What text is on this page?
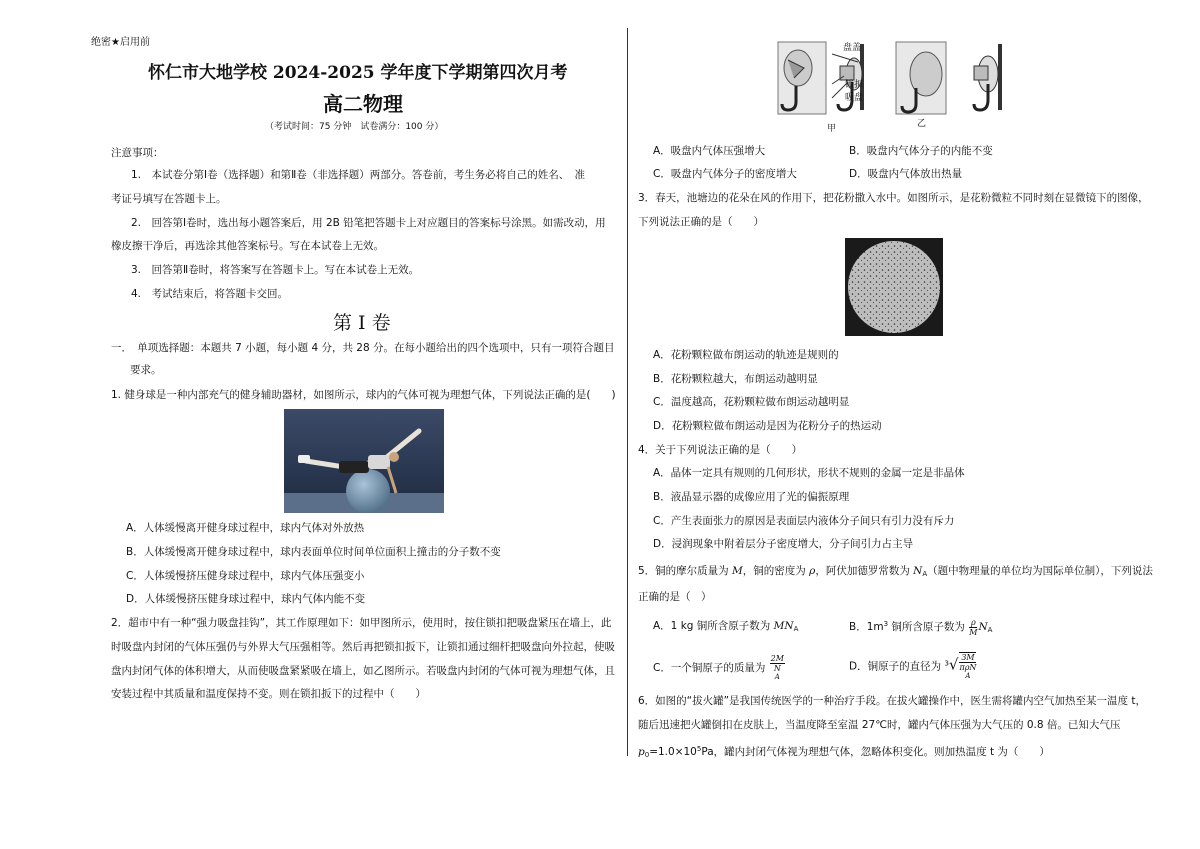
绝密★启用前
怀仁市大地学校 2024-2025 学年度下学期第四次月考
高二物理
（考试时间：75 分钟　试卷满分：100 分）
注意事项：
1.　本试卷分第Ⅰ卷（选择题）和第Ⅱ卷（非选择题）两部分。答卷前，考生务必将自己的姓名、　准
考证号填写在答题卡上。
2.　回答第Ⅰ卷时，选出每小题答案后，用 2B 铅笔把答题卡上对应题目的答案标号涂黑。如需改动，用
橡皮擦干净后，再选涂其他答案标号。写在本试卷上无效。
3.　回答第Ⅱ卷时，将答案写在答题卡上。写在本试卷上无效。
4.　考试结束后，将答题卡交回。
第 I 卷
一．　单项选择题：本题共 7 小题，每小题 4 分，共 28 分。在每小题给出的四个选项中，只有一项符合题目
要求。
1. 健身球是一种内部充气的健身辅助器材，如图所示，球内的气体可视为理想气体，下列说法正确的是(　　)
A．人体缓慢离开健身球过程中，球内气体对外放热
B．人体缓慢离开健身球过程中，球内表面单位时间单位面积上撞击的分子数不变
C．人体缓慢挤压健身球过程中，球内气体压强变小
D．人体缓慢挤压健身球过程中，球内气体内能不变
2．超市中有一种“强力吸盘挂钩”，其工作原理如下：如甲图所示，使用时，按住锁扣把吸盘紧压在墙上，此
时吸盘内封闭的气体压强仍与外界大气压强相等。然后再把锁扣扳下，让锁扣通过细杆把吸盘向外拉起，使吸
盘内封闭气体的体积增大，从而使吸盘紧紧吸在墙上，如乙图所示。若吸盘内封闭的气体可视为理想气体，且
安装过程中其质量和温度保持不变。则在锁扣扳下的过程中（　　）
盘盖
锁扣
吸盘
甲	乙
A．吸盘内气体压强增大	B．吸盘内气体分子的内能不变
C．吸盘内气体分子的密度增大	D．吸盘内气体放出热量
3．春天，池塘边的花朵在风的作用下，把花粉撒入水中。如图所示，是花粉微粒不同时刻在显微镜下的图像，
下列说法正确的是（　　）
A．花粉颗粒做布朗运动的轨迹是规则的
B．花粉颗粒越大，布朗运动越明显
C．温度越高，花粉颗粒做布朗运动越明显
D．花粉颗粒做布朗运动是因为花粉分子的热运动
4．关于下列说法正确的是（　　）
A．晶体一定具有规则的几何形状，形状不规则的金属一定是非晶体
B．液晶显示器的成像应用了光的偏振原理
C．产生表面张力的原因是表面层内液体分子间只有引力没有斥力
D．浸润现象中附着层分子密度增大，分子间引力占主导
5．铜的摩尔质量为 M，铜的密度为 ρ，阿伏加德罗常数为 $N_A$（题中物理量的单位均为国际单位制），下列说法
正确的是（　）
A．1 kg 铜所含原子数为 $MN_A$	B．$1m^3$ 铜所含原子数为 $\frac{\rho}{M} N_A$
C．一个铜原子的质量为 2M
N
A	D．铜原子的直径为 $^3$√ 3M
πρN
A
6．如图的“拔火罐”是我国传统医学的一种治疗手段。在拔火罐操作中，医生需将罐内空气加热至某一温度 t，
随后迅速把火罐倒扣在皮肤上，当温度降至室温 27℃时，罐内气体压强为大气压的 0.8 倍。已知大气压
$p_0=1.0\times 10^5Pa$，罐内封闭气体视为理想气体，忽略体积变化。则加热温度 t 为（　　）
